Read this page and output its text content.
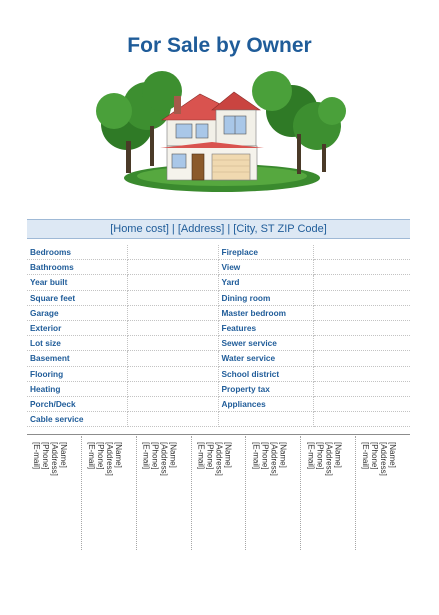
For Sale by Owner
[Home cost] | [Address] | [City, ST ZIP Code]
Bedrooms		Fireplace	
Bathrooms		View	
Year built		Yard	
Square feet		Dining room	
Garage		Master bedroom	
Exterior		Features	
Lot size		Sewer service	
Basement		Water service	
Flooring		School district	
Heating		Property tax	
Porch/Deck		Appliances	
Cable service			
[Name]
[Address]
[Phone]
[E-mail]	[Name]
[Address]
[Phone]
[E-mail]	[Name]
[Address]
[Phone]
[E-mail]	[Name]
[Address]
[Phone]
[E-mail]	[Name]
[Address]
[Phone]
[E-mail]	[Name]
[Address]
[Phone]
[E-mail]	[Name]
[Address]
[Phone]
[E-mail]
